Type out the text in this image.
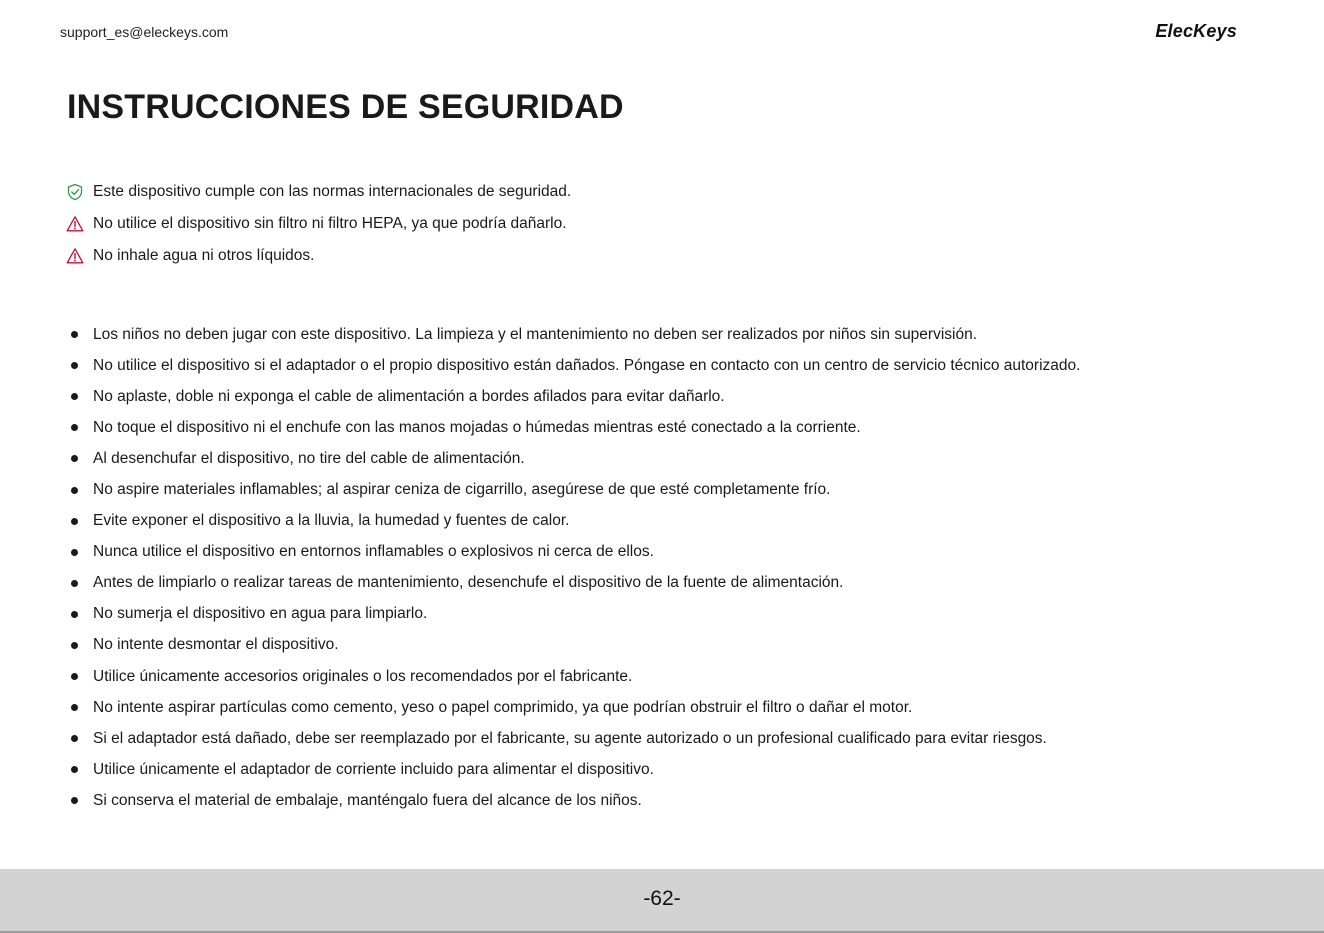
support_es@eleckeys.com	ElecKeys
INSTRUCCIONES DE SEGURIDAD
Este dispositivo cumple con las normas internacionales de seguridad.
No utilice el dispositivo sin filtro ni filtro HEPA, ya que podría dañarlo.
No inhale agua ni otros líquidos.
Los niños no deben jugar con este dispositivo. La limpieza y el mantenimiento no deben ser realizados por niños sin supervisión.
No utilice el dispositivo si el adaptador o el propio dispositivo están dañados. Póngase en contacto con un centro de servicio técnico autorizado.
No aplaste, doble ni exponga el cable de alimentación a bordes afilados para evitar dañarlo.
No toque el dispositivo ni el enchufe con las manos mojadas o húmedas mientras esté conectado a la corriente.
Al desenchufar el dispositivo, no tire del cable de alimentación.
No aspire materiales inflamables; al aspirar ceniza de cigarrillo, asegúrese de que esté completamente frío.
Evite exponer el dispositivo a la lluvia, la humedad y fuentes de calor.
Nunca utilice el dispositivo en entornos inflamables o explosivos ni cerca de ellos.
Antes de limpiarlo o realizar tareas de mantenimiento, desenchufe el dispositivo de la fuente de alimentación.
No sumerja el dispositivo en agua para limpiarlo.
No intente desmontar el dispositivo.
Utilice únicamente accesorios originales o los recomendados por el fabricante.
No intente aspirar partículas como cemento, yeso o papel comprimido, ya que podrían obstruir el filtro o dañar el motor.
Si el adaptador está dañado, debe ser reemplazado por el fabricante, su agente autorizado o un profesional cualificado para evitar riesgos.
Utilice únicamente el adaptador de corriente incluido para alimentar el dispositivo.
Si conserva el material de embalaje, manténgalo fuera del alcance de los niños.
-62-
